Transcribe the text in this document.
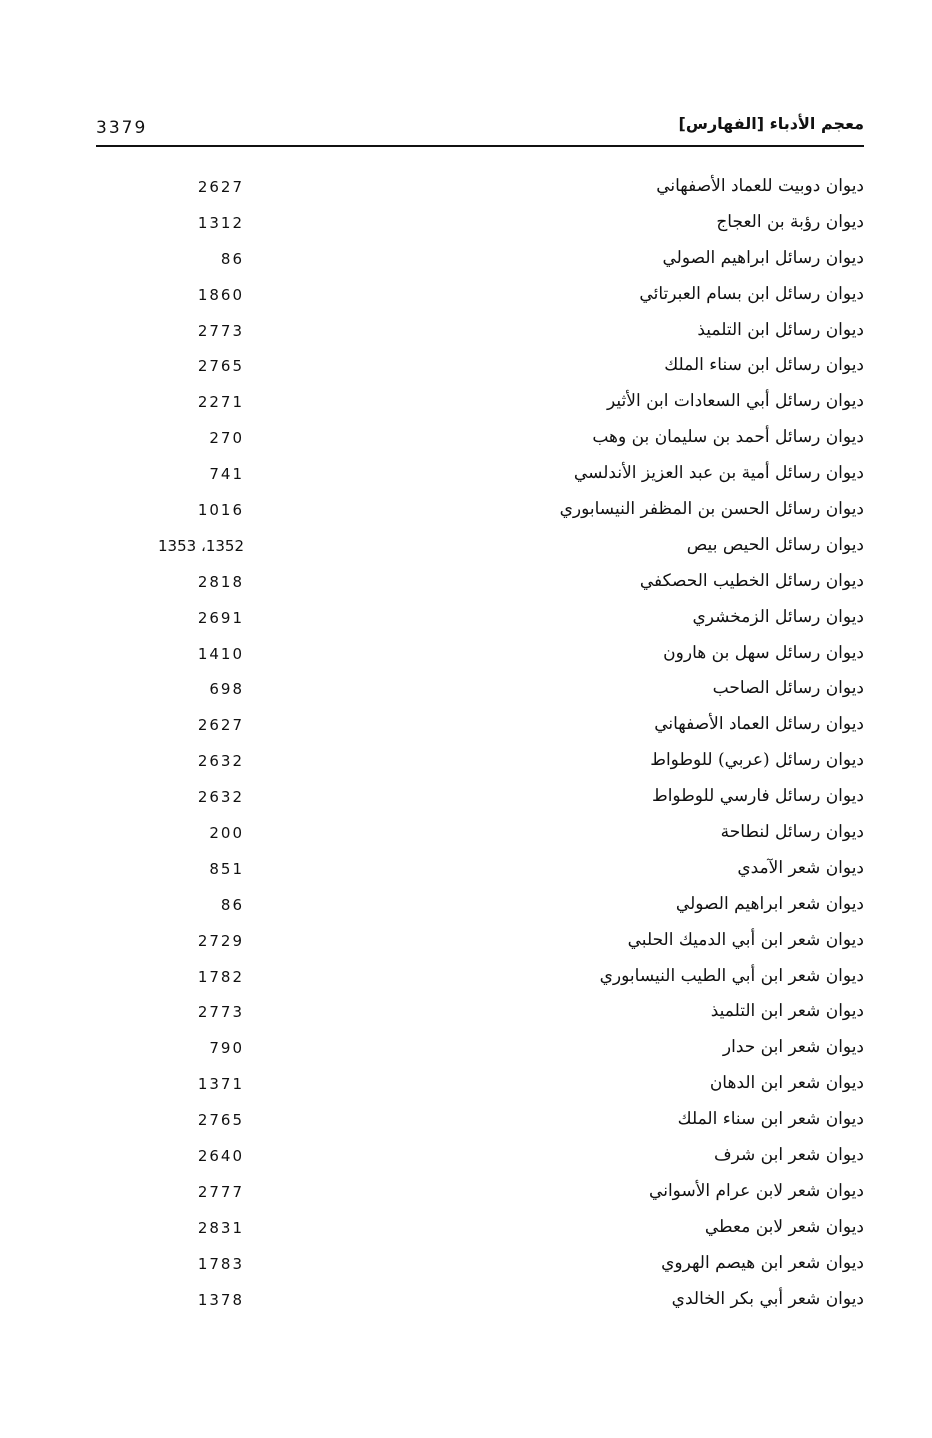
3379	معجم الأدباء [الفهارس]
ديوان دوبيت للعماد الأصفهاني
2627
ديوان رؤبة بن العجاج
1312
ديوان رسائل ابراهيم الصولي
86
ديوان رسائل ابن بسام العبرتائي
1860
ديوان رسائل ابن التلميذ
2773
ديوان رسائل ابن سناء الملك
2765
ديوان رسائل أبي السعادات ابن الأثير
2271
ديوان رسائل أحمد بن سليمان بن وهب
270
ديوان رسائل أمية بن عبد العزيز الأندلسي
741
ديوان رسائل الحسن بن المظفر النيسابوري
1016
ديوان رسائل الحيص بيص
1352، 1353
ديوان رسائل الخطيب الحصكفي
2818
ديوان رسائل الزمخشري
2691
ديوان رسائل سهل بن هارون
1410
ديوان رسائل الصاحب
698
ديوان رسائل العماد الأصفهاني
2627
ديوان رسائل (عربي) للوطواط
2632
ديوان رسائل فارسي للوطواط
2632
ديوان رسائل لنطاحة
200
ديوان شعر الآمدي
851
ديوان شعر ابراهيم الصولي
86
ديوان شعر ابن أبي الدميك الحلبي
2729
ديوان شعر ابن أبي الطيب النيسابوري
1782
ديوان شعر ابن التلميذ
2773
ديوان شعر ابن حدار
790
ديوان شعر ابن الدهان
1371
ديوان شعر ابن سناء الملك
2765
ديوان شعر ابن شرف
2640
ديوان شعر لابن عرام الأسواني
2777
ديوان شعر لابن معطي
2831
ديوان شعر ابن هيصم الهروي
1783
ديوان شعر أبي بكر الخالدي
1378
